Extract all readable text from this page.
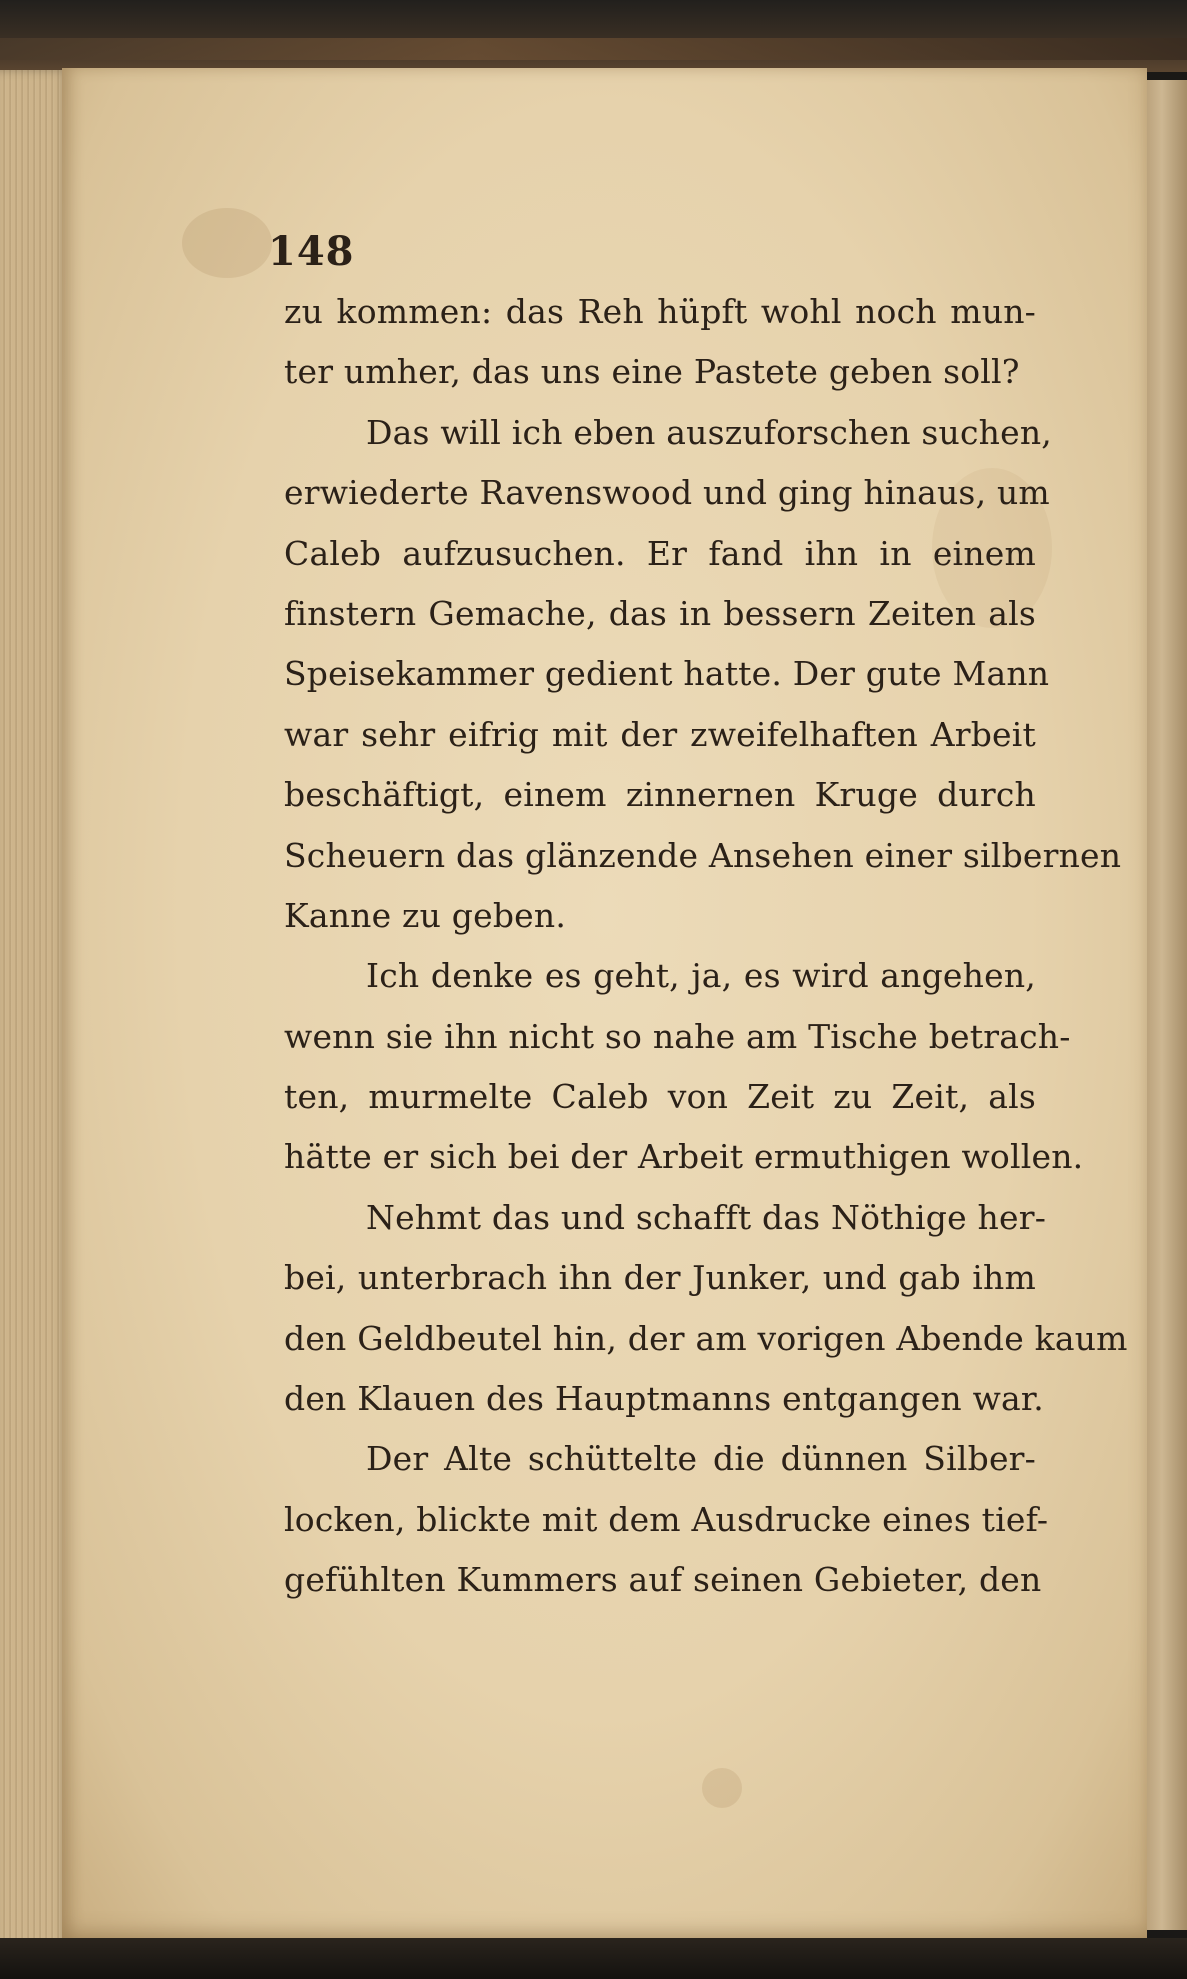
148
zu kommen: das Reh hüpft wohl noch mun-
ter umher, das uns eine Pastete geben soll?
Das will ich eben auszuforschen suchen,
erwiederte Ravenswood und ging hinaus, um
Caleb aufzusuchen. Er fand ihn in einem
finstern Gemache, das in bessern Zeiten als
Speisekammer gedient hatte. Der gute Mann
war sehr eifrig mit der zweifelhaften Arbeit
beschäftigt, einem zinnernen Kruge durch
Scheuern das glänzende Ansehen einer silbernen
Kanne zu geben.
Ich denke es geht, ja, es wird angehen,
wenn sie ihn nicht so nahe am Tische betrach-
ten, murmelte Caleb von Zeit zu Zeit, als
hätte er sich bei der Arbeit ermuthigen wollen.
Nehmt das und schafft das Nöthige her-
bei, unterbrach ihn der Junker, und gab ihm
den Geldbeutel hin, der am vorigen Abende kaum
den Klauen des Hauptmanns entgangen war.
Der Alte schüttelte die dünnen Silber-
locken, blickte mit dem Ausdrucke eines tief-
gefühlten Kummers auf seinen Gebieter, den
